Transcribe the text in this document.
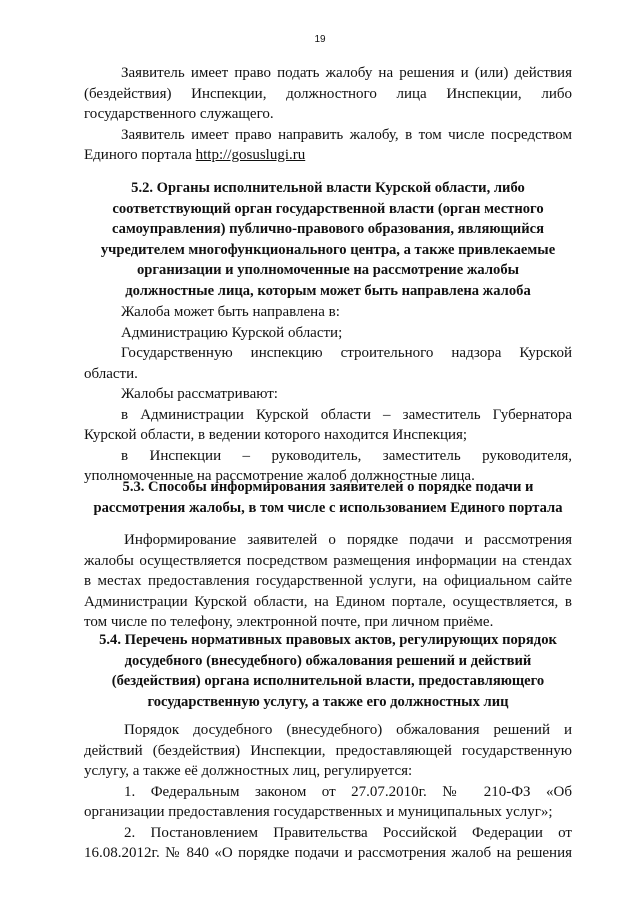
19
Заявитель имеет право подать жалобу на решения и (или) действия
(бездействия) Инспекции, должностного лица Инспекции, либо
государственного служащего.
Заявитель имеет право направить жалобу, в том числе посредством
Единого портала http://gosuslugi.ru
5.2. Органы исполнительной власти Курской области, либо
соответствующий орган государственной власти (орган местного
самоуправления) публично-правового образования, являющийся
учредителем многофункционального центра, а также привлекаемые
организации и уполномоченные на рассмотрение жалобы
должностные лица, которым может быть направлена жалоба
Жалоба может быть направлена в:
Администрацию Курской области;
Государственную инспекцию строительного надзора Курской
области.
Жалобы рассматривают:
в Администрации Курской области – заместитель Губернатора
Курской области, в ведении которого находится Инспекция;
в Инспекции – руководитель, заместитель руководителя,
уполномоченные на рассмотрение жалоб должностные лица.
5.3. Способы информирования заявителей о порядке подачи и
рассмотрения жалобы, в том числе с использованием Единого портала
Информирование заявителей о порядке подачи и рассмотрения
жалобы осуществляется посредством размещения информации на стендах
в местах предоставления государственной услуги, на официальном сайте
Администрации Курской области, на Едином портале, осуществляется, в
том числе по телефону, электронной почте, при личном приёме.
5.4. Перечень нормативных правовых актов, регулирующих порядок
досудебного (внесудебного) обжалования решений и действий
(бездействия) органа исполнительной власти, предоставляющего
государственную услугу, а также его должностных лиц
Порядок досудебного (внесудебного) обжалования решений и
действий (бездействия) Инспекции, предоставляющей государственную
услугу, а также её должностных лиц, регулируется:
1. Федеральным законом от 27.07.2010г. № 210-ФЗ «Об
организации предоставления государственных и муниципальных услуг»;
2. Постановлением Правительства Российской Федерации от
16.08.2012г. № 840 «О порядке подачи и рассмотрения жалоб на решения
